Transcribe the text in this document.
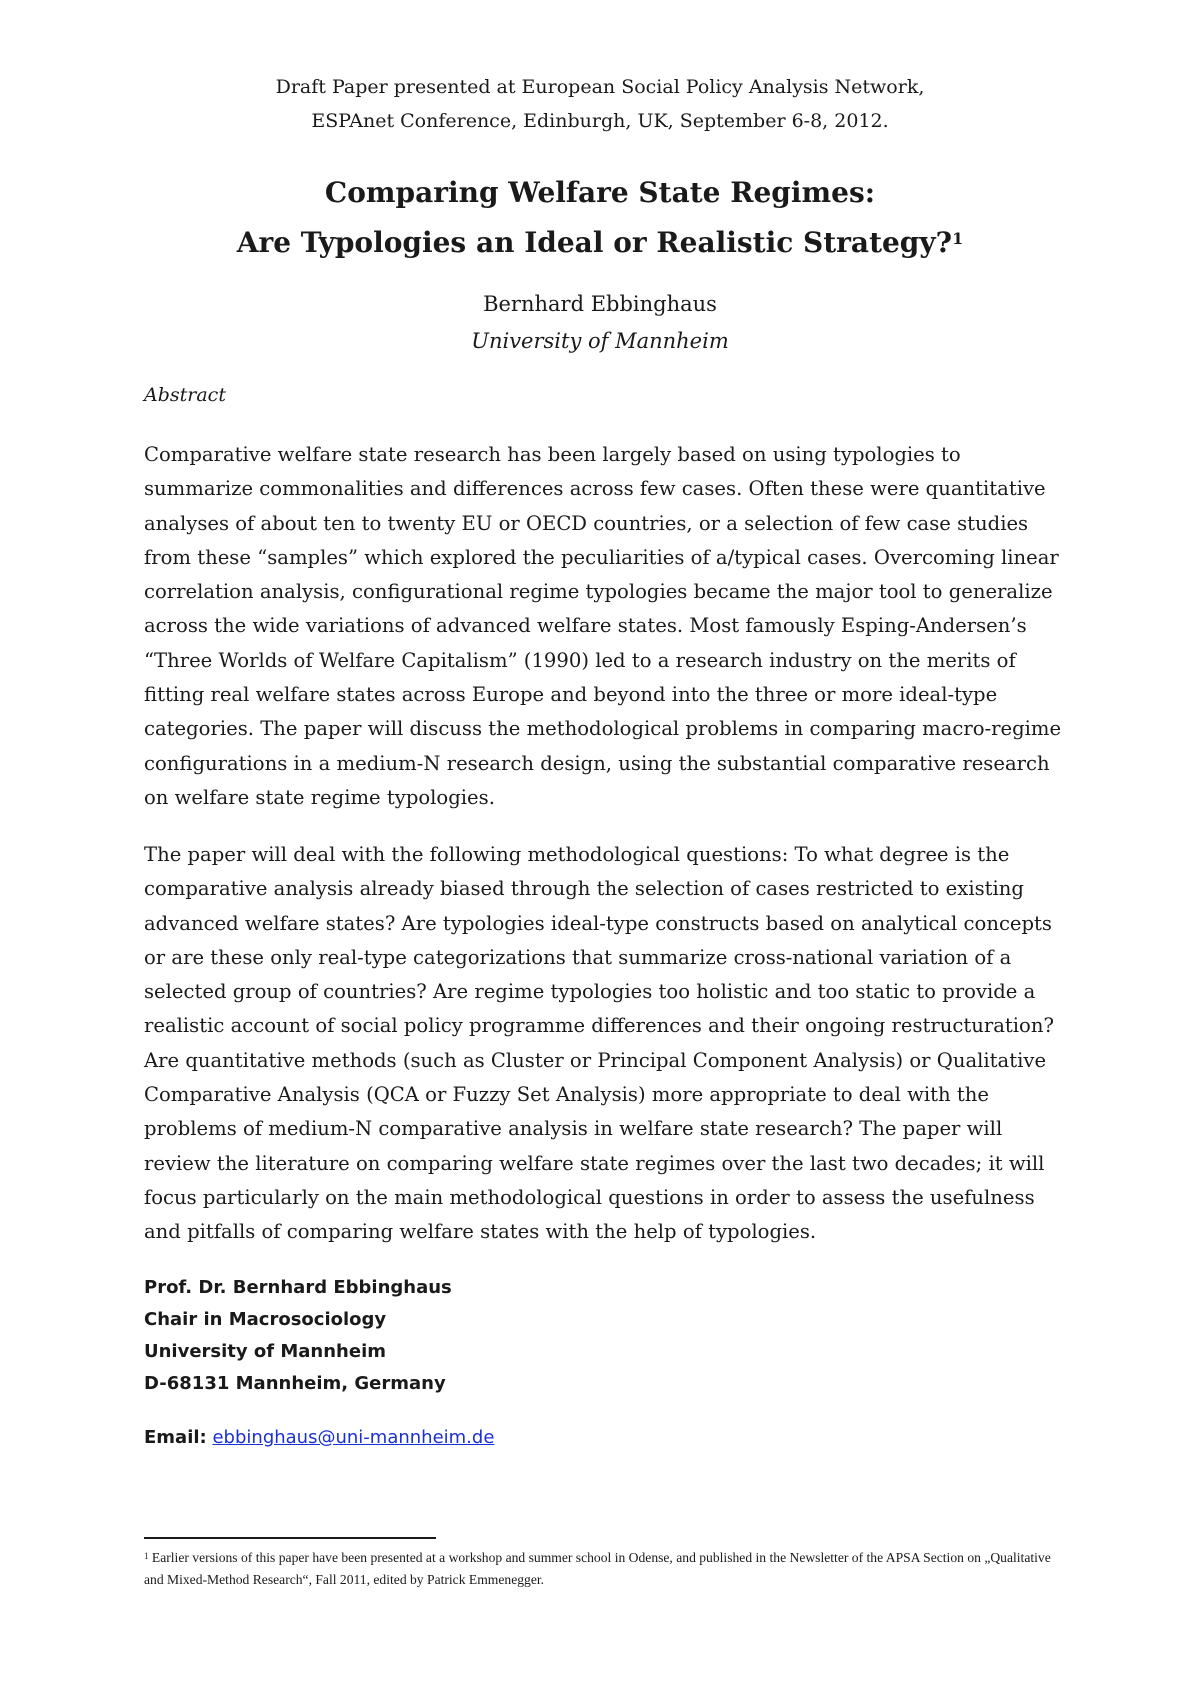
Draft Paper presented at European Social Policy Analysis Network,
ESPAnet Conference, Edinburgh, UK, September 6-8, 2012.
Comparing Welfare State Regimes:
Are Typologies an Ideal or Realistic Strategy?$^1$
Bernhard Ebbinghaus
University of Mannheim
Abstract

Comparative welfare state research has been largely based on using typologies to summarize commonalities and differences across few cases. Often these were quantitative analyses of about ten to twenty EU or OECD countries, or a selection of few case studies from these “samples” which explored the peculiarities of a/typical cases. Overcoming linear correlation analysis, configurational regime typologies became the major tool to generalize across the wide variations of advanced welfare states. Most famously Esping-Andersen’s “Three Worlds of Welfare Capitalism” (1990) led to a research industry on the merits of fitting real welfare states across Europe and beyond into the three or more ideal-type categories. The paper will discuss the methodological problems in comparing macro-regime configurations in a medium-N research design, using the substantial comparative research on welfare state regime typologies.

The paper will deal with the following methodological questions: To what degree is the comparative analysis already biased through the selection of cases restricted to existing advanced welfare states? Are typologies ideal-type constructs based on analytical concepts or are these only real-type categorizations that summarize cross-national variation of a selected group of countries? Are regime typologies too holistic and too static to provide a realistic account of social policy programme differences and their ongoing restructuration? Are quantitative methods (such as Cluster or Principal Component Analysis) or Qualitative Comparative Analysis (QCA or Fuzzy Set Analysis) more appropriate to deal with the problems of medium-N comparative analysis in welfare state research? The paper will review the literature on comparing welfare state regimes over the last two decades; it will focus particularly on the main methodological questions in order to assess the usefulness and pitfalls of comparing welfare states with the help of typologies.

Prof. Dr. Bernhard Ebbinghaus
Chair in Macrosociology
University of Mannheim
D-68131 Mannheim, Germany
Email: ebbinghaus@uni-mannheim.de
$^1$ Earlier versions of this paper have been presented at a workshop and summer school in Odense, and published in the Newsletter of the APSA Section on „Qualitative and Mixed-Method Research“, Fall 2011, edited by Patrick Emmenegger.
